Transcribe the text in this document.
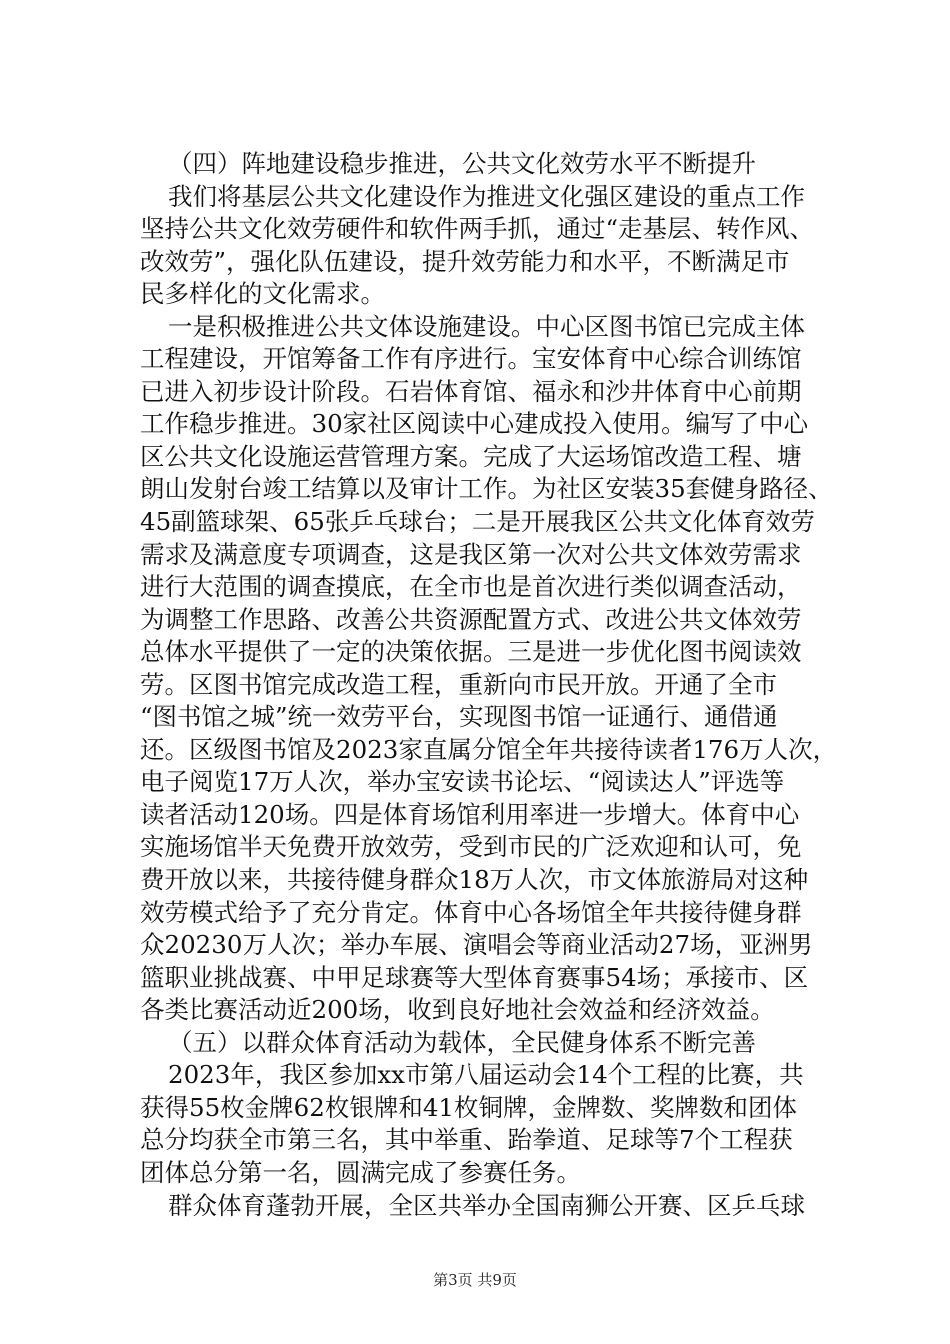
（四）阵地建设稳步推进，公共文化效劳水平不断提升
我们将基层公共文化建设作为推进文化强区建设的重点工作
坚持公共文化效劳硬件和软件两手抓，通过“走基层、转作风、
改效劳”，强化队伍建设，提升效劳能力和水平，不断满足市
民多样化的文化需求。
一是积极推进公共文体设施建设。中心区图书馆已完成主体
工程建设，开馆筹备工作有序进行。宝安体育中心综合训练馆
已进入初步设计阶段。石岩体育馆、福永和沙井体育中心前期
工作稳步推进。30家社区阅读中心建成投入使用。编写了中心
区公共文化设施运营管理方案。完成了大运场馆改造工程、塘
朗山发射台竣工结算以及审计工作。为社区安装35套健身路径、
45副篮球架、65张乒乓球台；二是开展我区公共文化体育效劳
需求及满意度专项调查，这是我区第一次对公共文体效劳需求
进行大范围的调查摸底，在全市也是首次进行类似调查活动，
为调整工作思路、改善公共资源配置方式、改进公共文体效劳
总体水平提供了一定的决策依据。三是进一步优化图书阅读效
劳。区图书馆完成改造工程，重新向市民开放。开通了全市
“图书馆之城”统一效劳平台，实现图书馆一证通行、通借通
还。区级图书馆及2023家直属分馆全年共接待读者176万人次，
电子阅览17万人次，举办宝安读书论坛、“阅读达人”评选等
读者活动120场。四是体育场馆利用率进一步增大。体育中心
实施场馆半天免费开放效劳，受到市民的广泛欢迎和认可，免
费开放以来，共接待健身群众18万人次，市文体旅游局对这种
效劳模式给予了充分肯定。体育中心各场馆全年共接待健身群
众20230万人次；举办车展、演唱会等商业活动27场，亚洲男
篮职业挑战赛、中甲足球赛等大型体育赛事54场；承接市、区
各类比赛活动近200场，收到良好地社会效益和经济效益。
（五）以群众体育活动为载体，全民健身体系不断完善
2023年，我区参加xx市第八届运动会14个工程的比赛，共
获得55枚金牌62枚银牌和41枚铜牌，金牌数、奖牌数和团体
总分均获全市第三名，其中举重、跆拳道、足球等7个工程获
团体总分第一名，圆满完成了参赛任务。
群众体育蓬勃开展，全区共举办全国南狮公开赛、区乒乓球
第3页 共9页
